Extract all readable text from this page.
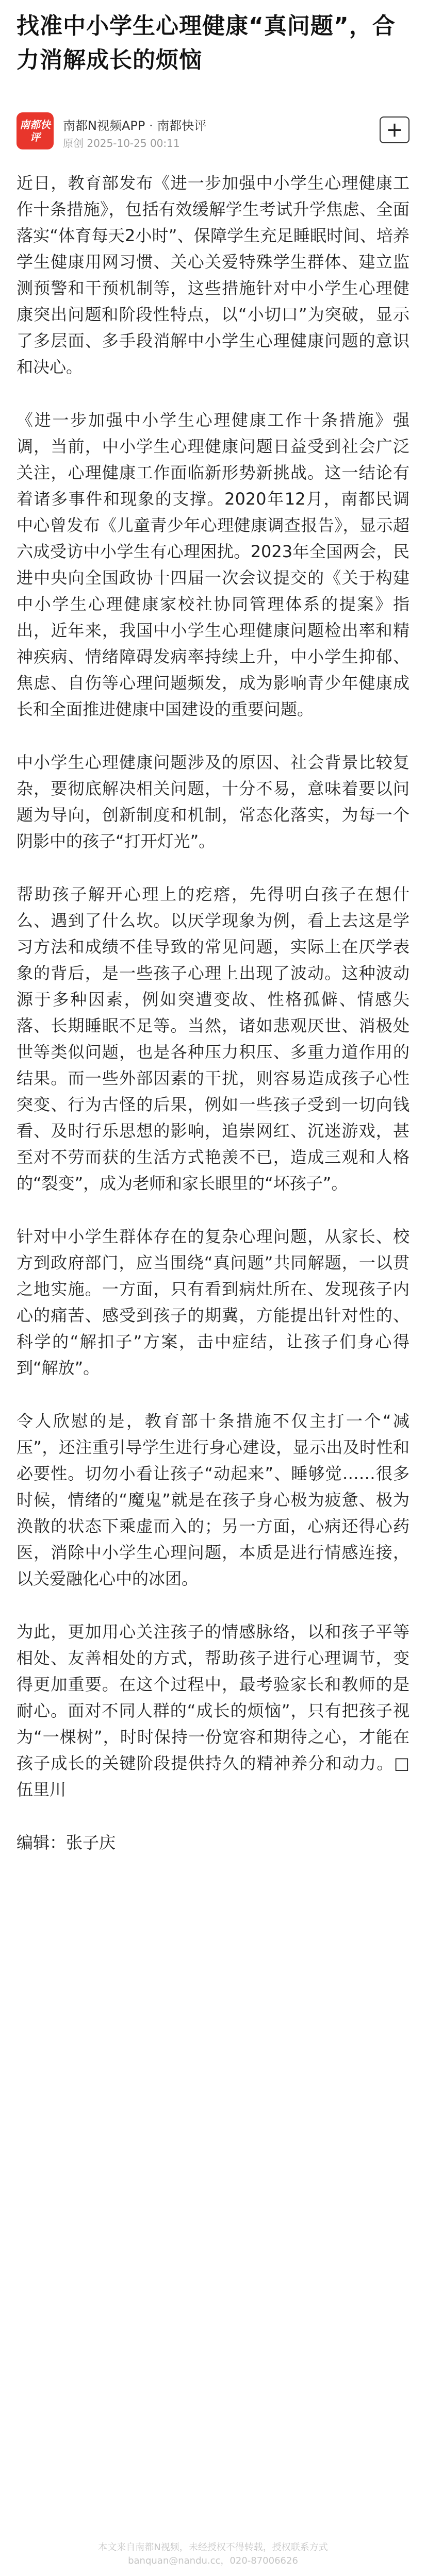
找准中小学生心理健康“真问题”，合力消解成长的烦恼
南都快评
南都N视频APP · 南都快评
原创 2025-10-25 00:11
+

近日，教育部发布《进一步加强中小学生心理健康工作十条措施》，包括有效缓解学生考试升学焦虑、全面落实“体育每天2小时”、保障学生充足睡眠时间、培养学生健康用网习惯、关心关爱特殊学生群体、建立监测预警和干预机制等，这些措施针对中小学生心理健康突出问题和阶段性特点，以“小切口”为突破，显示了多层面、多手段消解中小学生心理健康问题的意识和决心。

《进一步加强中小学生心理健康工作十条措施》强调，当前，中小学生心理健康问题日益受到社会广泛关注，心理健康工作面临新形势新挑战。这一结论有着诸多事件和现象的支撑。2020年12月，南都民调中心曾发布《儿童青少年心理健康调查报告》，显示超六成受访中小学生有心理困扰。2023年全国两会，民进中央向全国政协十四届一次会议提交的《关于构建中小学生心理健康家校社协同管理体系的提案》指出，近年来，我国中小学生心理健康问题检出率和精神疾病、情绪障碍发病率持续上升，中小学生抑郁、焦虑、自伤等心理问题频发，成为影响青少年健康成长和全面推进健康中国建设的重要问题。

中小学生心理健康问题涉及的原因、社会背景比较复杂，要彻底解决相关问题，十分不易，意味着要以问题为导向，创新制度和机制，常态化落实，为每一个阴影中的孩子“打开灯光”。

帮助孩子解开心理上的疙瘩，先得明白孩子在想什么、遇到了什么坎。以厌学现象为例，看上去这是学习方法和成绩不佳导致的常见问题，实际上在厌学表象的背后，是一些孩子心理上出现了波动。这种波动源于多种因素，例如突遭变故、性格孤僻、情感失落、长期睡眠不足等。当然，诸如悲观厌世、消极处世等类似问题，也是各种压力积压、多重力道作用的结果。而一些外部因素的干扰，则容易造成孩子心性突变、行为古怪的后果，例如一些孩子受到一切向钱看、及时行乐思想的影响，追崇网红、沉迷游戏，甚至对不劳而获的生活方式艳羡不已，造成三观和人格的“裂变”，成为老师和家长眼里的“坏孩子”。

针对中小学生群体存在的复杂心理问题，从家长、校方到政府部门，应当围绕“真问题”共同解题，一以贯之地实施。一方面，只有看到病灶所在、发现孩子内心的痛苦、感受到孩子的期冀，方能提出针对性的、科学的“解扣子”方案，击中症结，让孩子们身心得到“解放”。

令人欣慰的是，教育部十条措施不仅主打一个“减压”，还注重引导学生进行身心建设，显示出及时性和必要性。切勿小看让孩子“动起来”、睡够觉……很多时候，情绪的“魔鬼”就是在孩子身心极为疲惫、极为涣散的状态下乘虚而入的；另一方面，心病还得心药医，消除中小学生心理问题，本质是进行情感连接，以关爱融化心中的冰团。

为此，更加用心关注孩子的情感脉络，以和孩子平等相处、友善相处的方式，帮助孩子进行心理调节，变得更加重要。在这个过程中，最考验家长和教师的是耐心。面对不同人群的“成长的烦恼”，只有把孩子视为“一棵树”，时时保持一份宽容和期待之心，才能在孩子成长的关键阶段提供持久的精神养分和动力。□ 伍里川

编辑：张子庆
本文来自南都N视频，未经授权不得转载，授权联系方式
banquan@nandu.cc，020-87006626
